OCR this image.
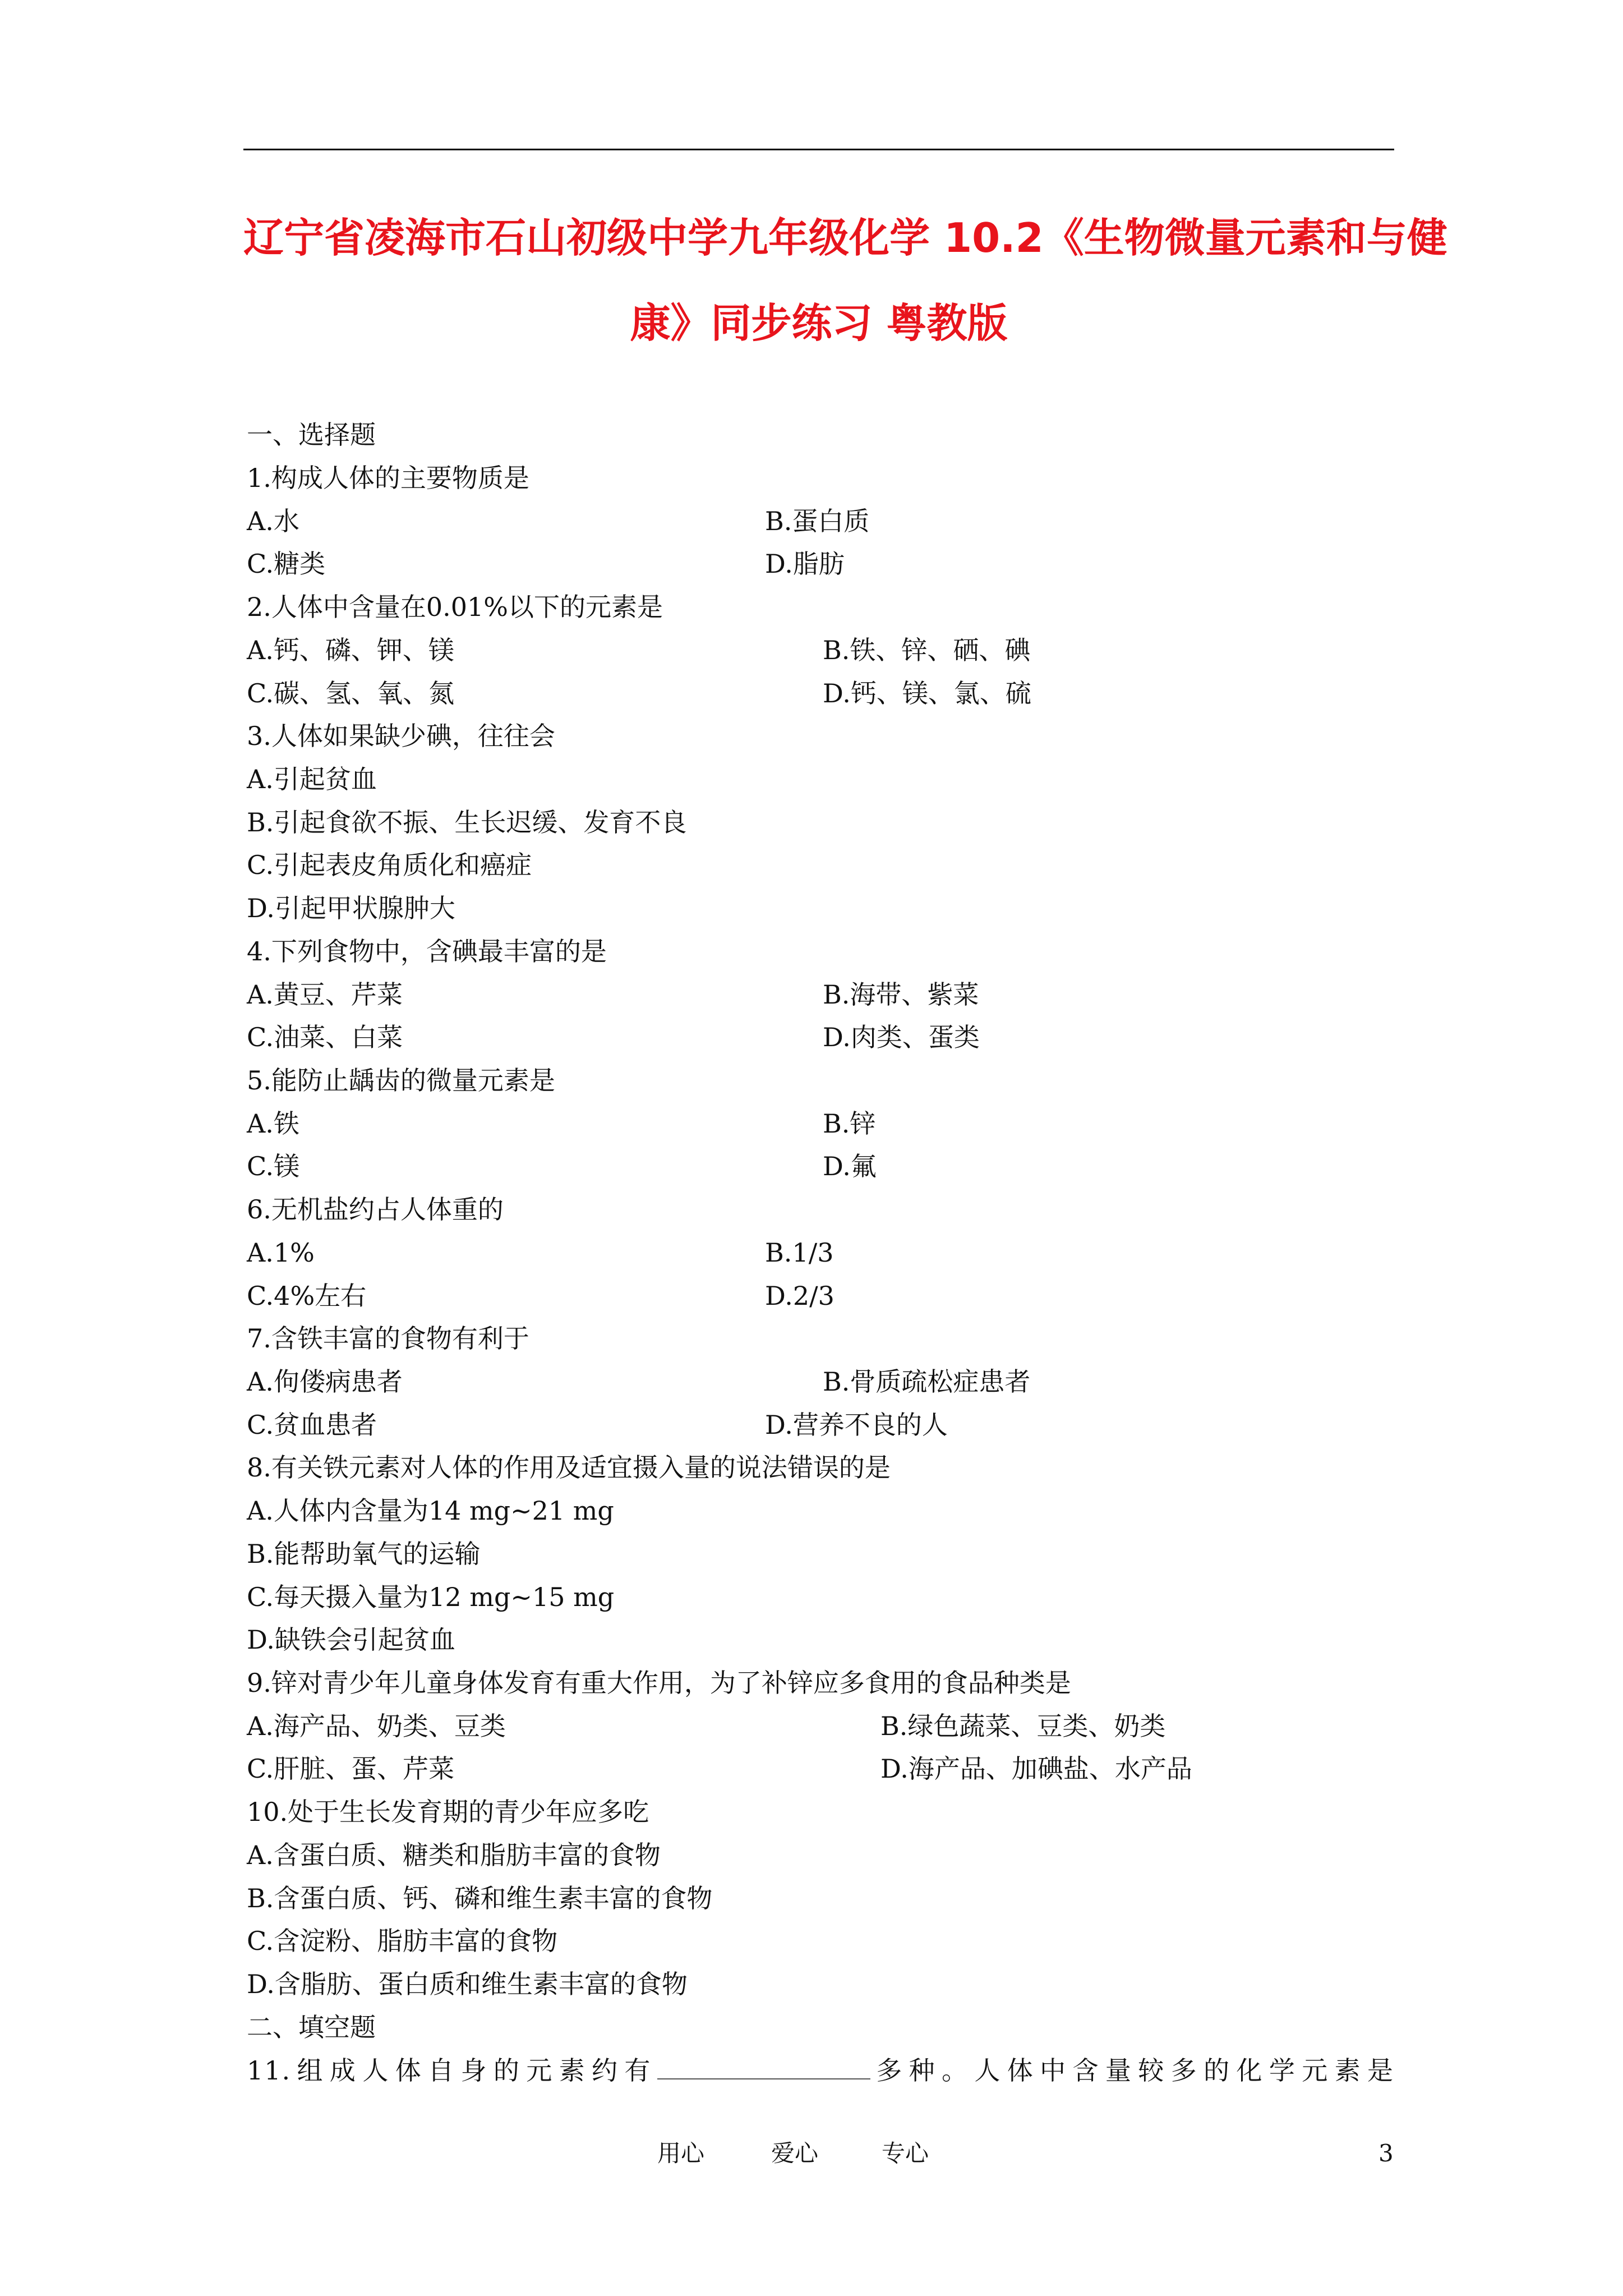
辽宁省凌海市石山初级中学九年级化学 10.2《生物微量元素和与健
康》同步练习 粤教版
一、选择题
1.构成人体的主要物质是
A.水	B.蛋白质
C.糖类	D.脂肪
2.人体中含量在0.01%以下的元素是
A.钙、磷、钾、镁	B.铁、锌、硒、碘
C.碳、氢、氧、氮	D.钙、镁、氯、硫
3.人体如果缺少碘，往往会
A.引起贫血
B.引起食欲不振、生长迟缓、发育不良
C.引起表皮角质化和癌症
D.引起甲状腺肿大
4.下列食物中，含碘最丰富的是
A.黄豆、芹菜	B.海带、紫菜
C.油菜、白菜	D.肉类、蛋类
5.能防止龋齿的微量元素是
A.铁	B.锌
C.镁	D.氟
6.无机盐约占人体重的
A.1%	B.1/3
C.4%左右	D.2/3
7.含铁丰富的食物有利于
A.佝偻病患者	B.骨质疏松症患者
C.贫血患者	D.营养不良的人
8.有关铁元素对人体的作用及适宜摄入量的说法错误的是
A.人体内含量为14 mg~21 mg
B.能帮助氧气的运输
C.每天摄入量为12 mg~15 mg
D.缺铁会引起贫血
9.锌对青少年儿童身体发育有重大作用，为了补锌应多食用的食品种类是
A.海产品、奶类、豆类	B.绿色蔬菜、豆类、奶类
C.肝脏、蛋、芹菜	D.海产品、加碘盐、水产品
10.处于生长发育期的青少年应多吃
A.含蛋白质、糖类和脂肪丰富的食物
B.含蛋白质、钙、磷和维生素丰富的食物
C.含淀粉、脂肪丰富的食物
D.含脂肪、蛋白质和维生素丰富的食物
二、填空题
11.组成人体自身的元素约有	多种。人体中含量较多的化学元素是
用心	爱心	专心	3
